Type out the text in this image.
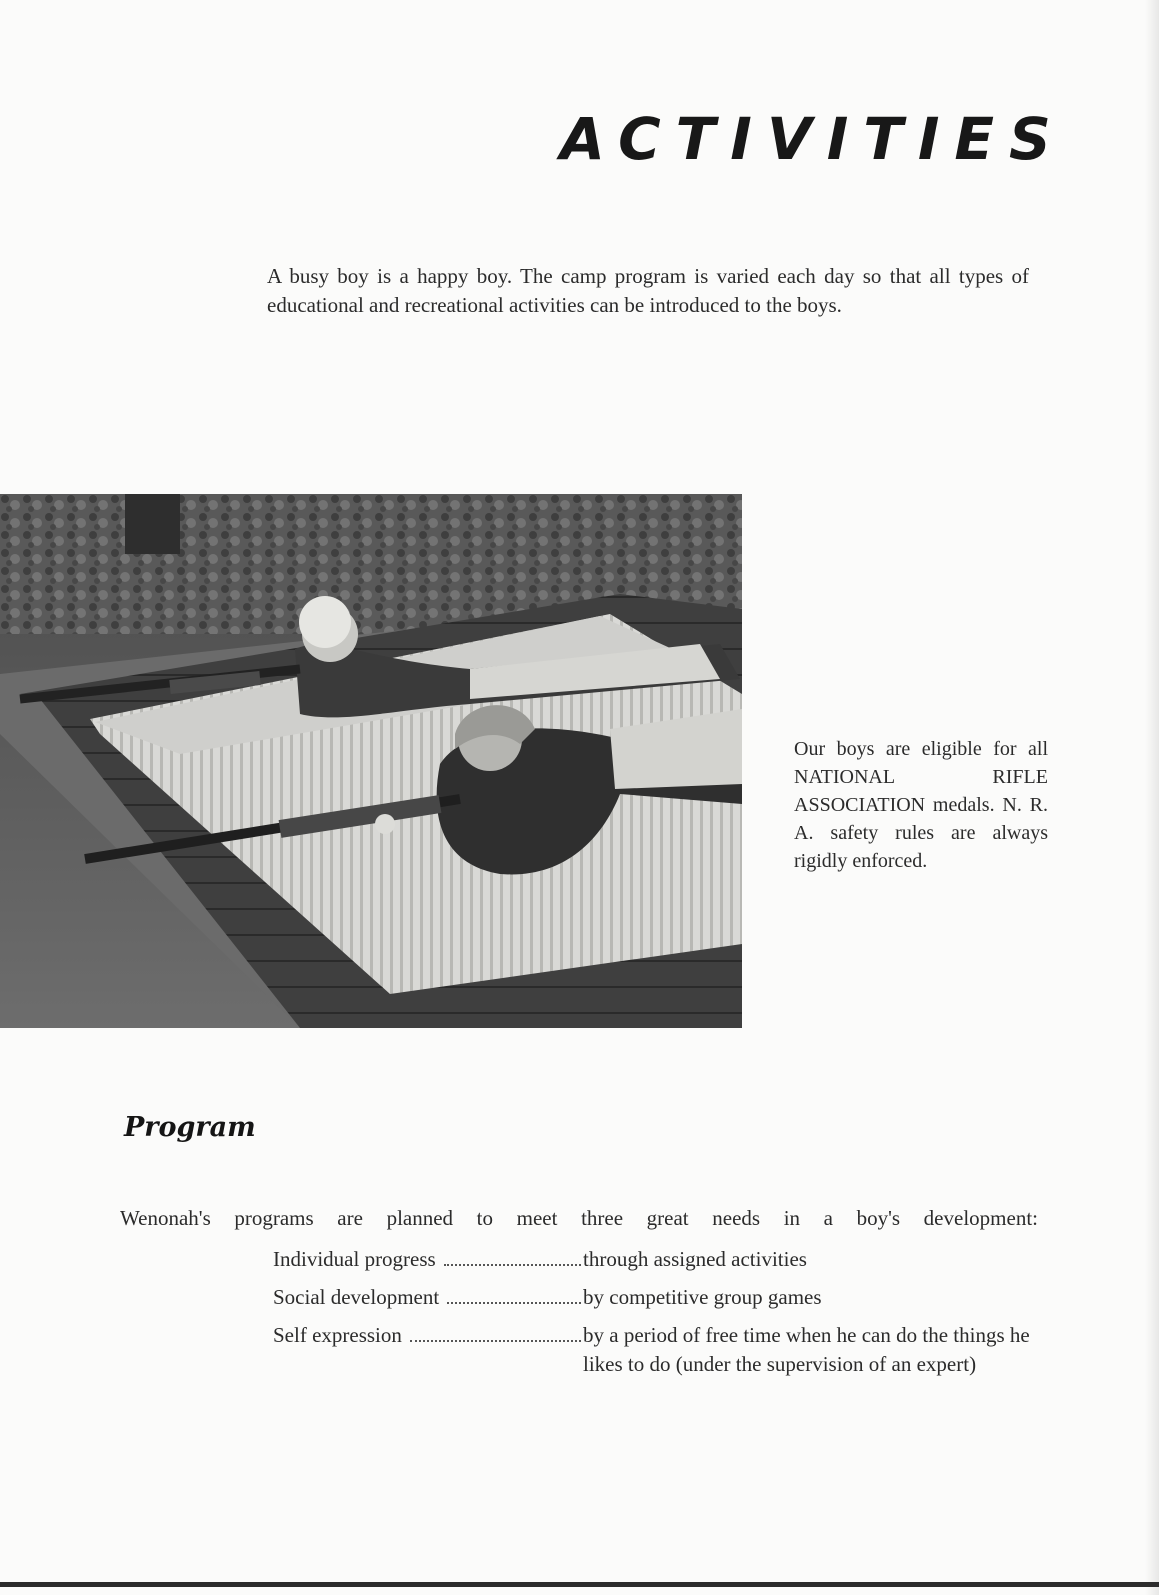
ACTIVITIES

A busy boy is a happy boy. The camp program is varied each day so that all types of educational and recreational activities can be introduced to the boys.

Our boys are eligible for all NATIONAL RIFLE ASSOCIATION medals. N. R. A. safety rules are always rigidly enforced.

Program

Wenonah's programs are planned to meet three great needs in a boy's development:

Individual progress	through assigned activities
Social development	by competitive group games
Self expression	by a period of free time when he can do the things he likes to do (under the supervision of an expert)
